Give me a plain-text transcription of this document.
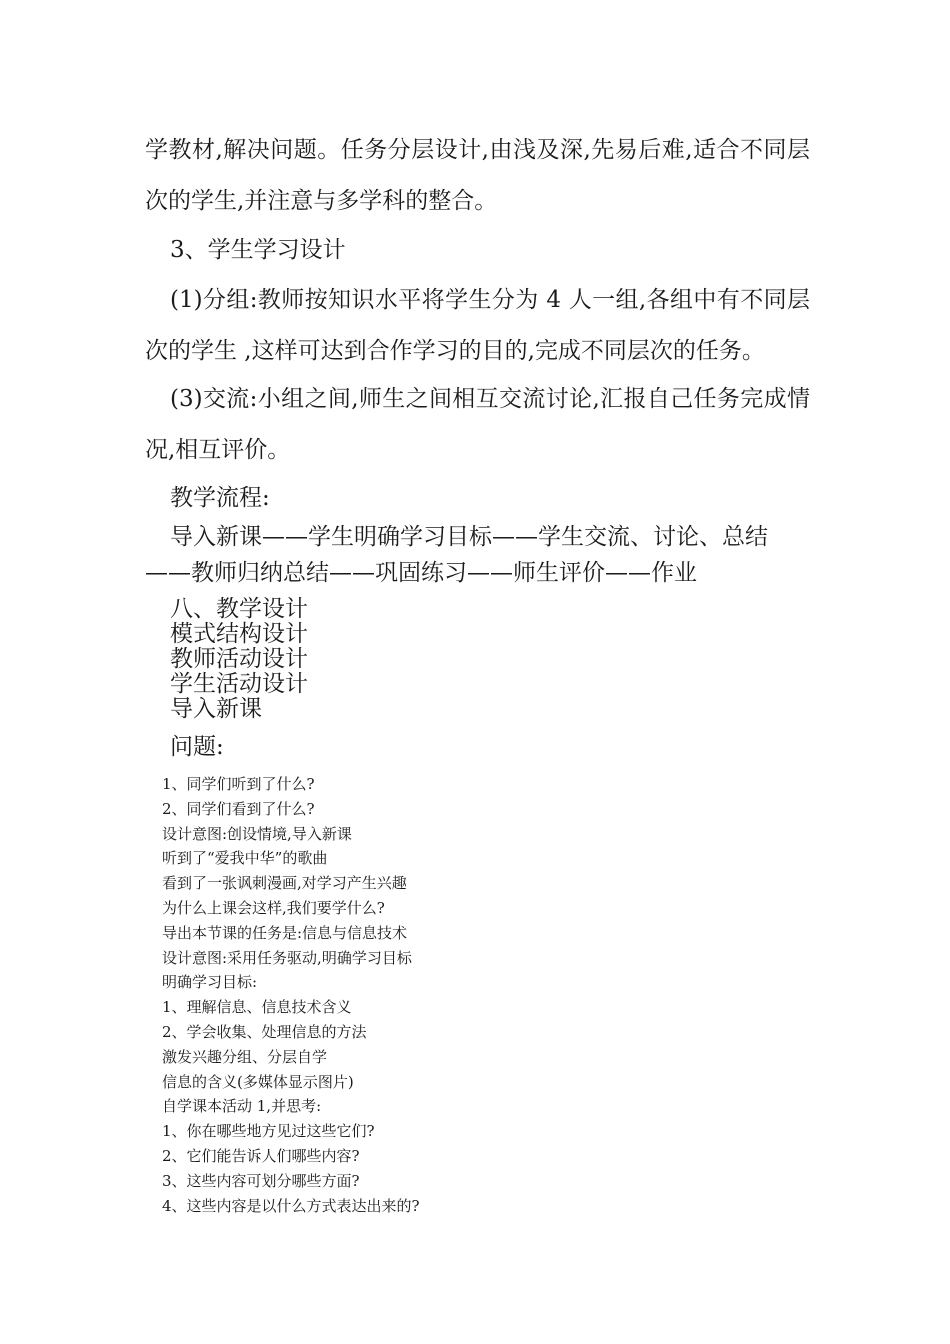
学教材,解决问题。任务分层设计,由浅及深,先易后难,适合不同层次的学生,并注意与多学科的整合。

3、学生学习设计

(1)分组:教师按知识水平将学生分为 4 人一组,各组中有不同层次的学生 ,这样可达到合作学习的目的,完成不同层次的任务。

(3)交流:小组之间,师生之间相互交流讨论,汇报自己任务完成情况,相互评价。

教学流程:

导入新课——学生明确学习目标——学生交流、讨论、总结——教师归纳总结——巩固练习——师生评价——作业

八、教学设计
模式结构设计
教师活动设计
学生活动设计
导入新课

问题:

1、同学们听到了什么?
2、同学们看到了什么?
设计意图:创设情境,导入新课
听到了“爱我中华”的歌曲
看到了一张讽刺漫画,对学习产生兴趣
为什么上课会这样,我们要学什么?
导出本节课的任务是:信息与信息技术
设计意图:采用任务驱动,明确学习目标
明确学习目标:
1、理解信息、信息技术含义
2、学会收集、处理信息的方法
激发兴趣分组、分层自学
信息的含义(多媒体显示图片)
自学课本活动 1,并思考:
1、你在哪些地方见过这些它们?
2、它们能告诉人们哪些内容?
3、这些内容可划分哪些方面?
4、这些内容是以什么方式表达出来的?
